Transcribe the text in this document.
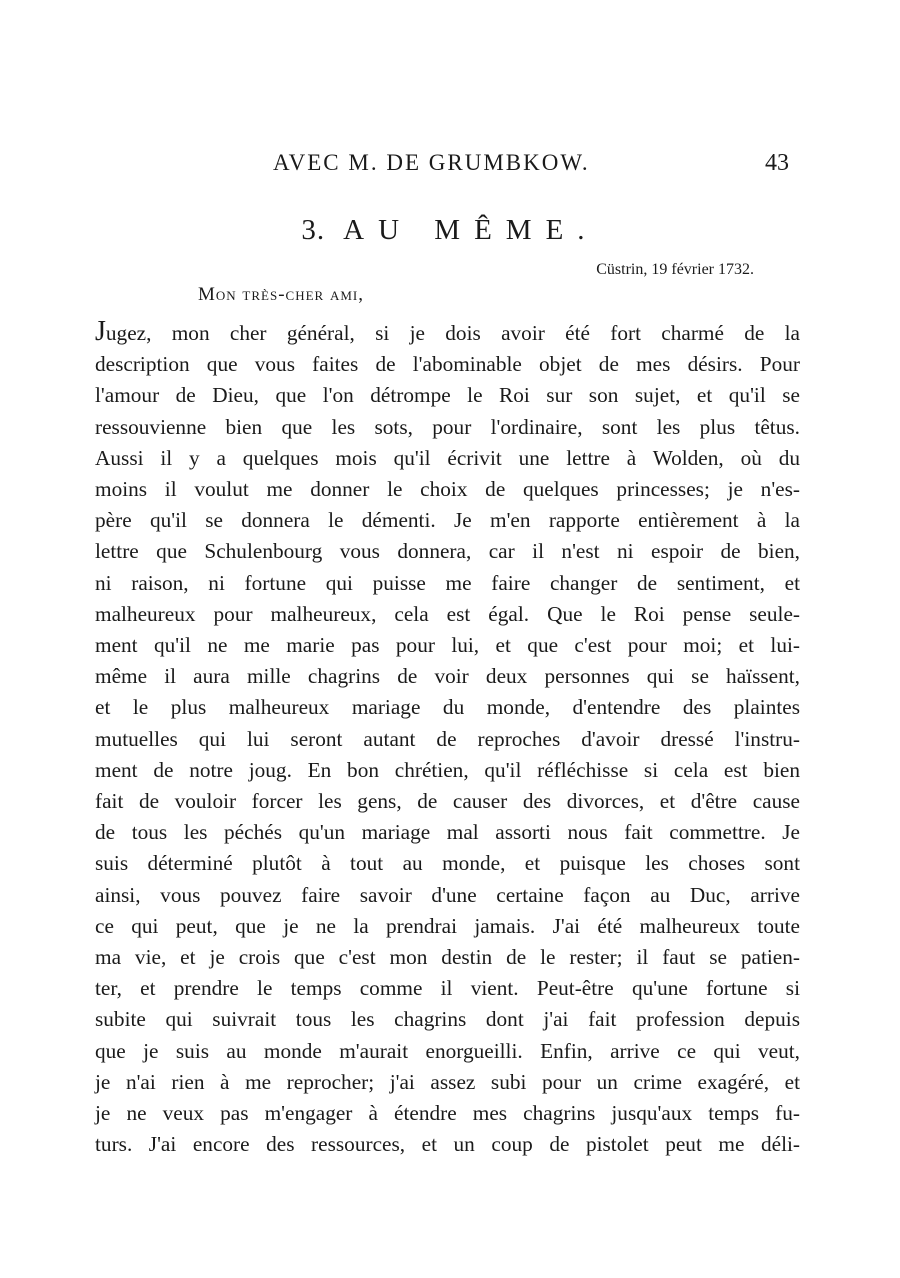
AVEC M. DE GRUMBKOW.	43
3. AU MÊME.
Cüstrin, 19 février 1732.
Mon très-cher ami,
Jugez, mon cher général, si je dois avoir été fort charmé de la
description que vous faites de l'abominable objet de mes désirs. Pour
l'amour de Dieu, que l'on détrompe le Roi sur son sujet, et qu'il se
ressouvienne bien que les sots, pour l'ordinaire, sont les plus têtus.
Aussi il y a quelques mois qu'il écrivit une lettre à Wolden, où du
moins il voulut me donner le choix de quelques princesses; je n'es-
père qu'il se donnera le démenti. Je m'en rapporte entièrement à la
lettre que Schulenbourg vous donnera, car il n'est ni espoir de bien,
ni raison, ni fortune qui puisse me faire changer de sentiment, et
malheureux pour malheureux, cela est égal. Que le Roi pense seule-
ment qu'il ne me marie pas pour lui, et que c'est pour moi; et lui-
même il aura mille chagrins de voir deux personnes qui se haïssent,
et le plus malheureux mariage du monde, d'entendre des plaintes
mutuelles qui lui seront autant de reproches d'avoir dressé l'instru-
ment de notre joug. En bon chrétien, qu'il réfléchisse si cela est bien
fait de vouloir forcer les gens, de causer des divorces, et d'être cause
de tous les péchés qu'un mariage mal assorti nous fait commettre. Je
suis déterminé plutôt à tout au monde, et puisque les choses sont
ainsi, vous pouvez faire savoir d'une certaine façon au Duc, arrive
ce qui peut, que je ne la prendrai jamais. J'ai été malheureux toute
ma vie, et je crois que c'est mon destin de le rester; il faut se patien-
ter, et prendre le temps comme il vient. Peut-être qu'une fortune si
subite qui suivrait tous les chagrins dont j'ai fait profession depuis
que je suis au monde m'aurait enorgueilli. Enfin, arrive ce qui veut,
je n'ai rien à me reprocher; j'ai assez subi pour un crime exagéré, et
je ne veux pas m'engager à étendre mes chagrins jusqu'aux temps fu-
turs. J'ai encore des ressources, et un coup de pistolet peut me déli-
